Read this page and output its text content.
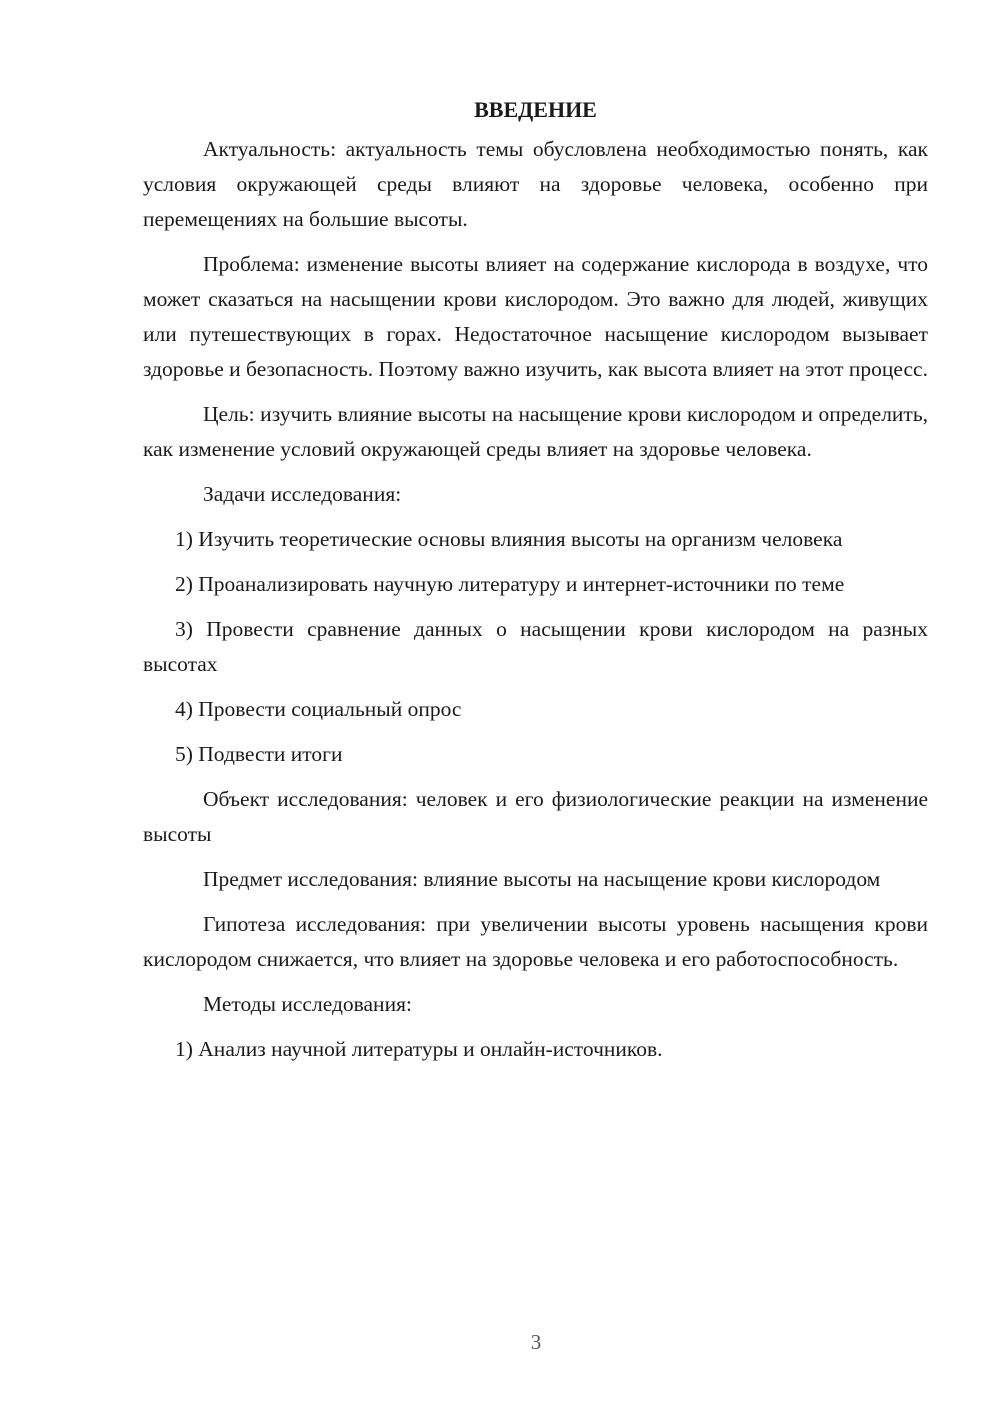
ВВЕДЕНИЕ

Актуальность: актуальность темы обусловлена необходимостью понять, как условия окружающей среды влияют на здоровье человека, особенно при перемещениях на большие высоты.

Проблема: изменение высоты влияет на содержание кислорода в воздухе, что может сказаться на насыщении крови кислородом. Это важно для людей, живущих или путешествующих в горах. Недостаточное насыщение кислородом вызывает здоровье и безопасность. Поэтому важно изучить, как высота влияет на этот процесс.

Цель: изучить влияние высоты на насыщение крови кислородом и определить, как изменение условий окружающей среды влияет на здоровье человека.

Задачи исследования:

1) Изучить теоретические основы влияния высоты на организм человека

2) Проанализировать научную литературу и интернет-источники по теме

3) Провести сравнение данных о насыщении крови кислородом на разных высотах

4) Провести социальный опрос

5) Подвести итоги

Объект исследования: человек и его физиологические реакции на изменение высоты

Предмет исследования: влияние высоты на насыщение крови кислородом

Гипотеза исследования: при увеличении высоты уровень насыщения крови кислородом снижается, что влияет на здоровье человека и его работоспособность.

Методы исследования:

1) Анализ научной литературы и онлайн-источников.

3
